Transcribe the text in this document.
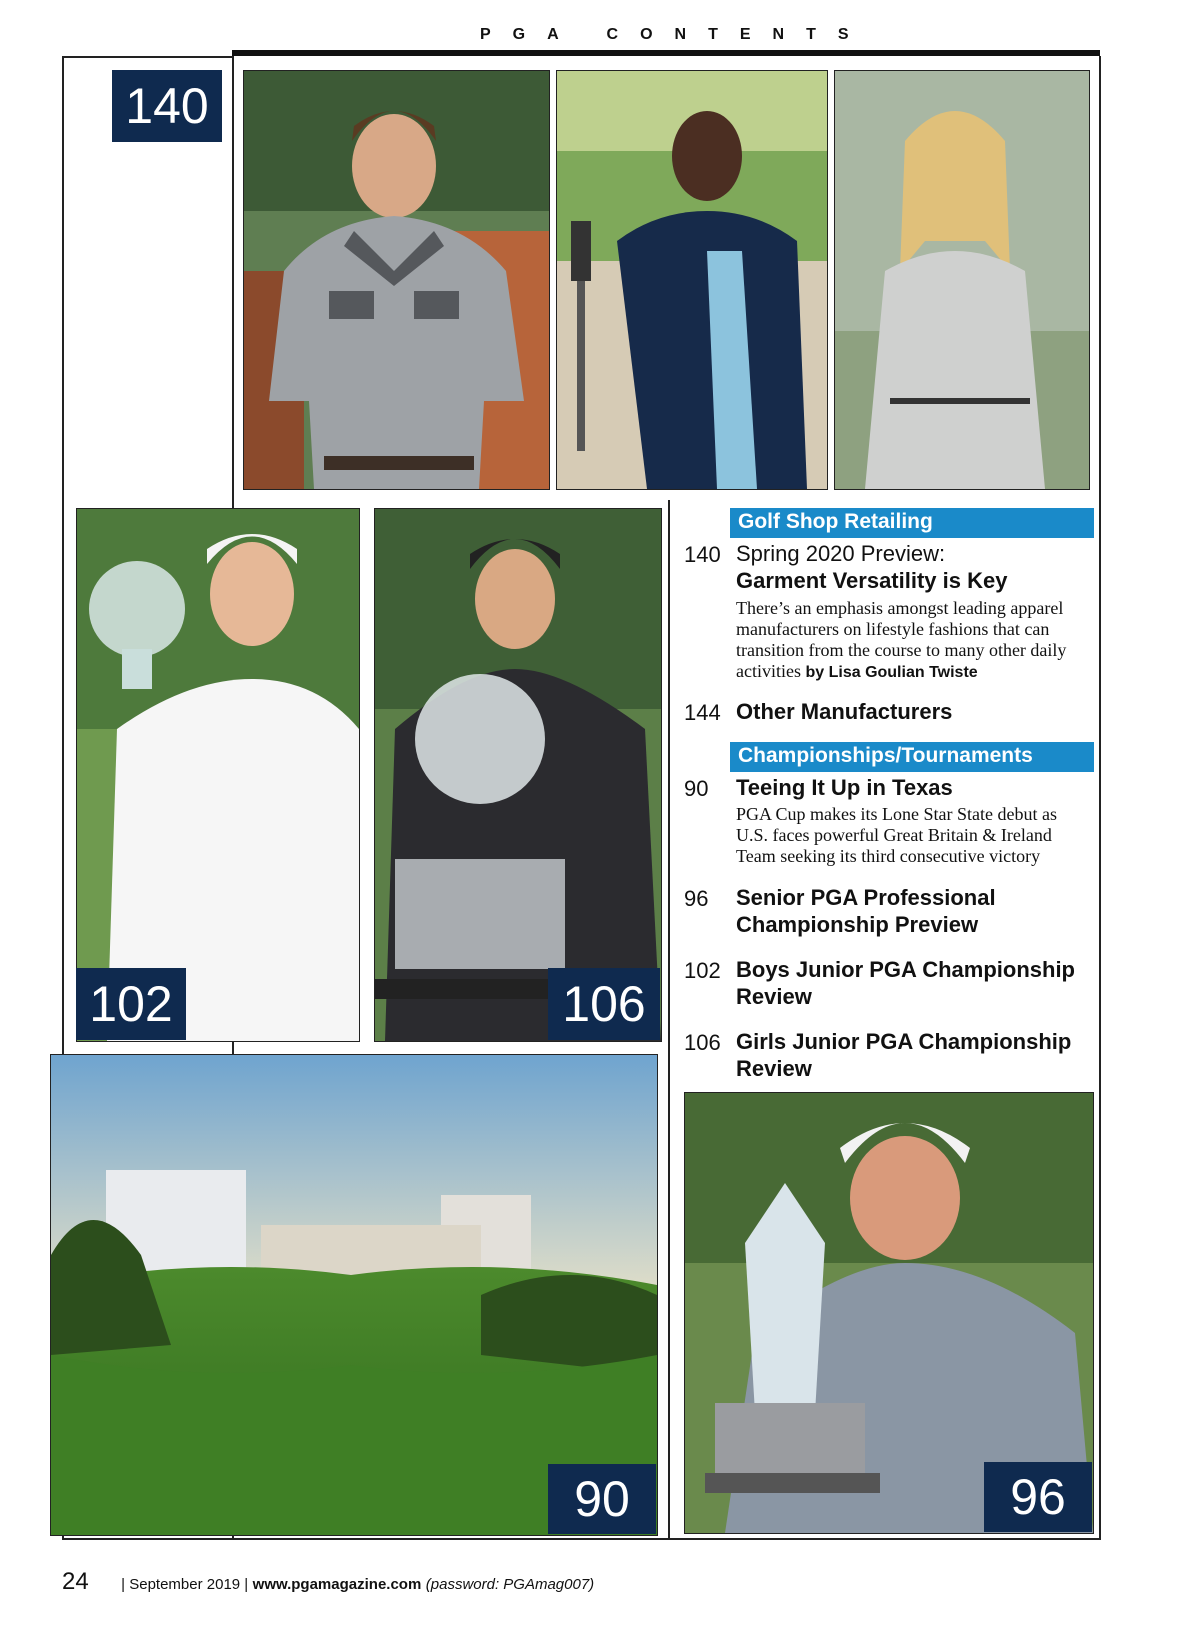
PGA CONTENTS
140
102	106
90	96
Golf Shop Retailing
140 Spring 2020 Preview:
Garment Versatility is Key
There’s an emphasis amongst leading apparel manufacturers on lifestyle fashions that can transition from the course to many other daily activities by Lisa Goulian Twiste
144 Other Manufacturers
Championships/Tournaments
90 Teeing It Up in Texas
PGA Cup makes its Lone Star State debut as U.S. faces powerful Great Britain & Ireland Team seeking its third consecutive victory
96 Senior PGA Professional
Championship Preview
102 Boys Junior PGA Championship
Review
106 Girls Junior PGA Championship
Review
24 | September 2019 | www.pgamagazine.com (password: PGAmag007)
